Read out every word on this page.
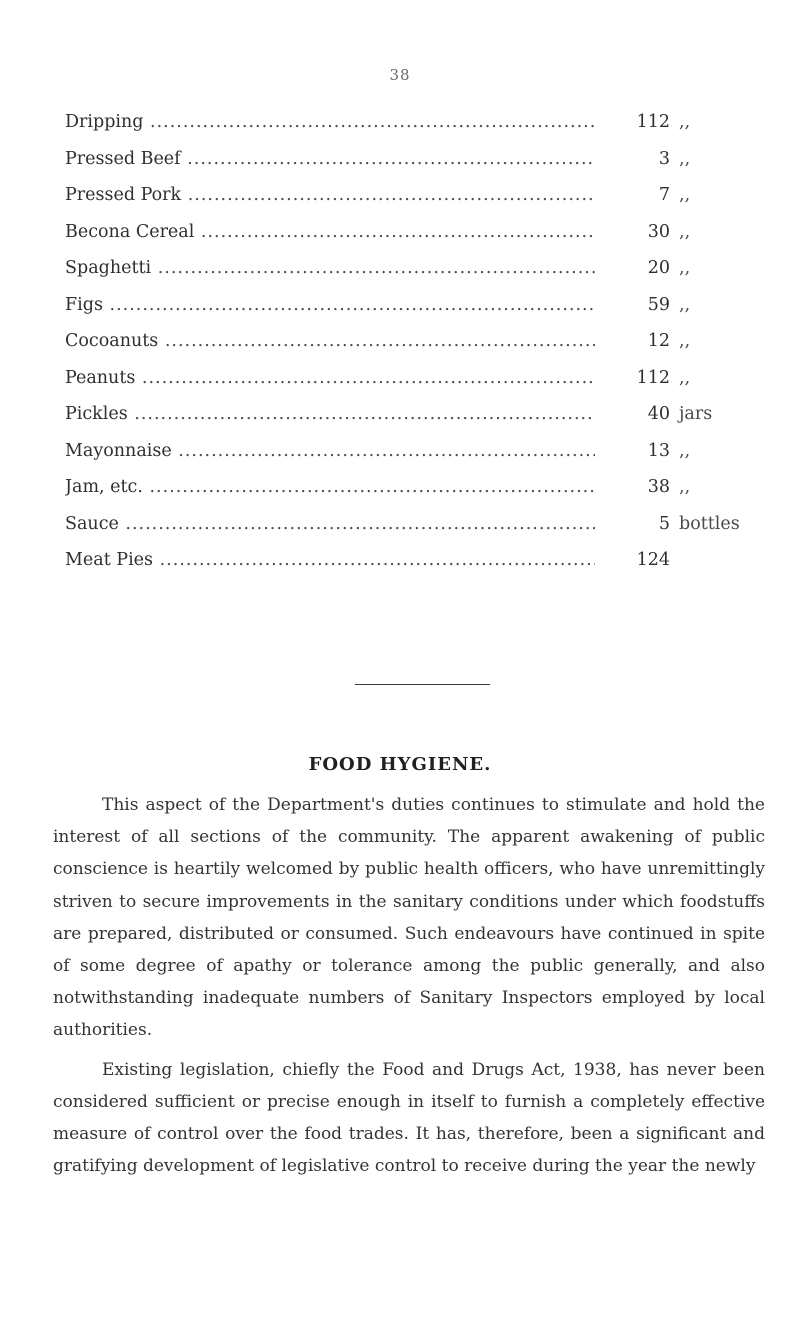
38
Dripping .....	112 ,,
Pressed Beef .....	3 ,,
Pressed Pork .....	7 ,,
Becona Cereal .....	30 ,,
Spaghetti .....	20 ,,
Figs .....	59 ,,
Cocoanuts .....	12 ,,
Peanuts .....	112 ,,
Pickles .....	40 jars
Mayonnaise .....	13 ,,
Jam, etc. .....	38 ,,
Sauce .....	5 bottles
Meat Pies .....	124
FOOD HYGIENE.

This aspect of the Department's duties continues to stimulate and hold the interest of all sections of the community. The apparent awakening of public conscience is heartily welcomed by public health officers, who have unremittingly striven to secure improvements in the sanitary conditions under which foodstuffs are prepared, distributed or consumed. Such endeavours have continued in spite of some degree of apathy or tolerance among the public generally, and also notwithstanding inadequate numbers of Sanitary Inspectors employed by local authorities.

Existing legislation, chiefly the Food and Drugs Act, 1938, has never been considered sufficient or precise enough in itself to furnish a completely effective measure of control over the food trades. It has, therefore, been a significant and gratifying development of legislative control to receive during the year the newly
